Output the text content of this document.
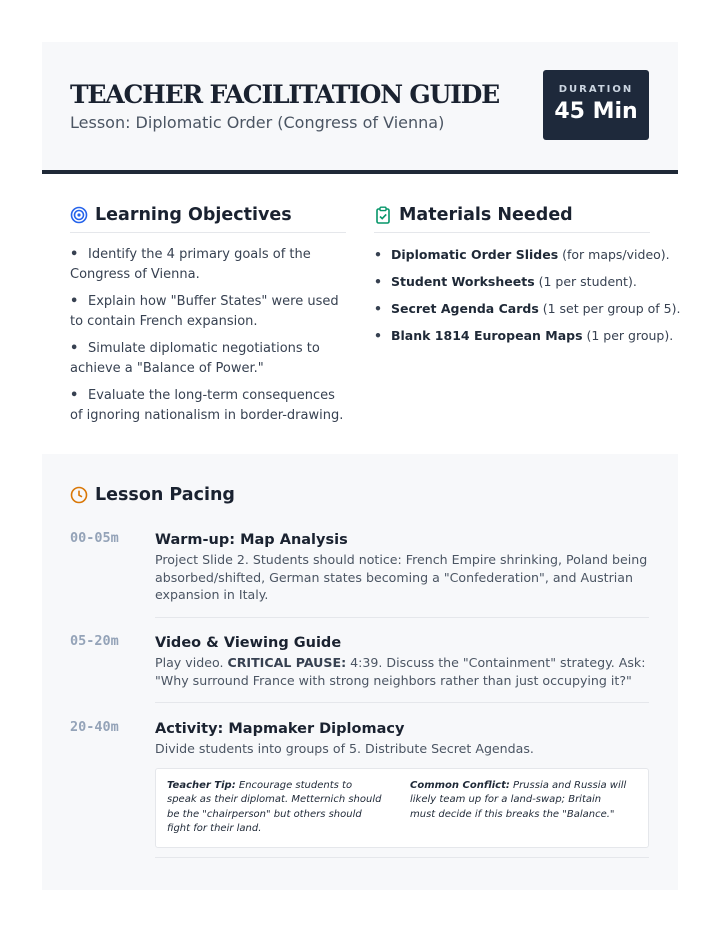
TEACHER FACILITATION GUIDE
Lesson: Diplomatic Order (Congress of Vienna)
DURATION
45 Min
Learning Objectives
• Identify the 4 primary goals of the Congress of Vienna.
• Explain how "Buffer States" were used to contain French expansion.
• Simulate diplomatic negotiations to achieve a "Balance of Power."
• Evaluate the long-term consequences of ignoring nationalism in border-drawing.
Materials Needed
• Diplomatic Order Slides (for maps/video).
• Student Worksheets (1 per student).
• Secret Agenda Cards (1 set per group of 5).
• Blank 1814 European Maps (1 per group).
Lesson Pacing
00-05m	Warm-up: Map Analysis
Project Slide 2. Students should notice: French Empire shrinking, Poland being absorbed/shifted, German states becoming a "Confederation", and Austrian expansion in Italy.
05-20m	Video & Viewing Guide
Play video. CRITICAL PAUSE: 4:39. Discuss the "Containment" strategy. Ask: "Why surround France with strong neighbors rather than just occupying it?"
20-40m	Activity: Mapmaker Diplomacy
Divide students into groups of 5. Distribute Secret Agendas.
Teacher Tip: Encourage students to speak as their diplomat. Metternich should be the "chairperson" but others should fight for their land.
Common Conflict: Prussia and Russia will likely team up for a land-swap; Britain must decide if this breaks the "Balance."
